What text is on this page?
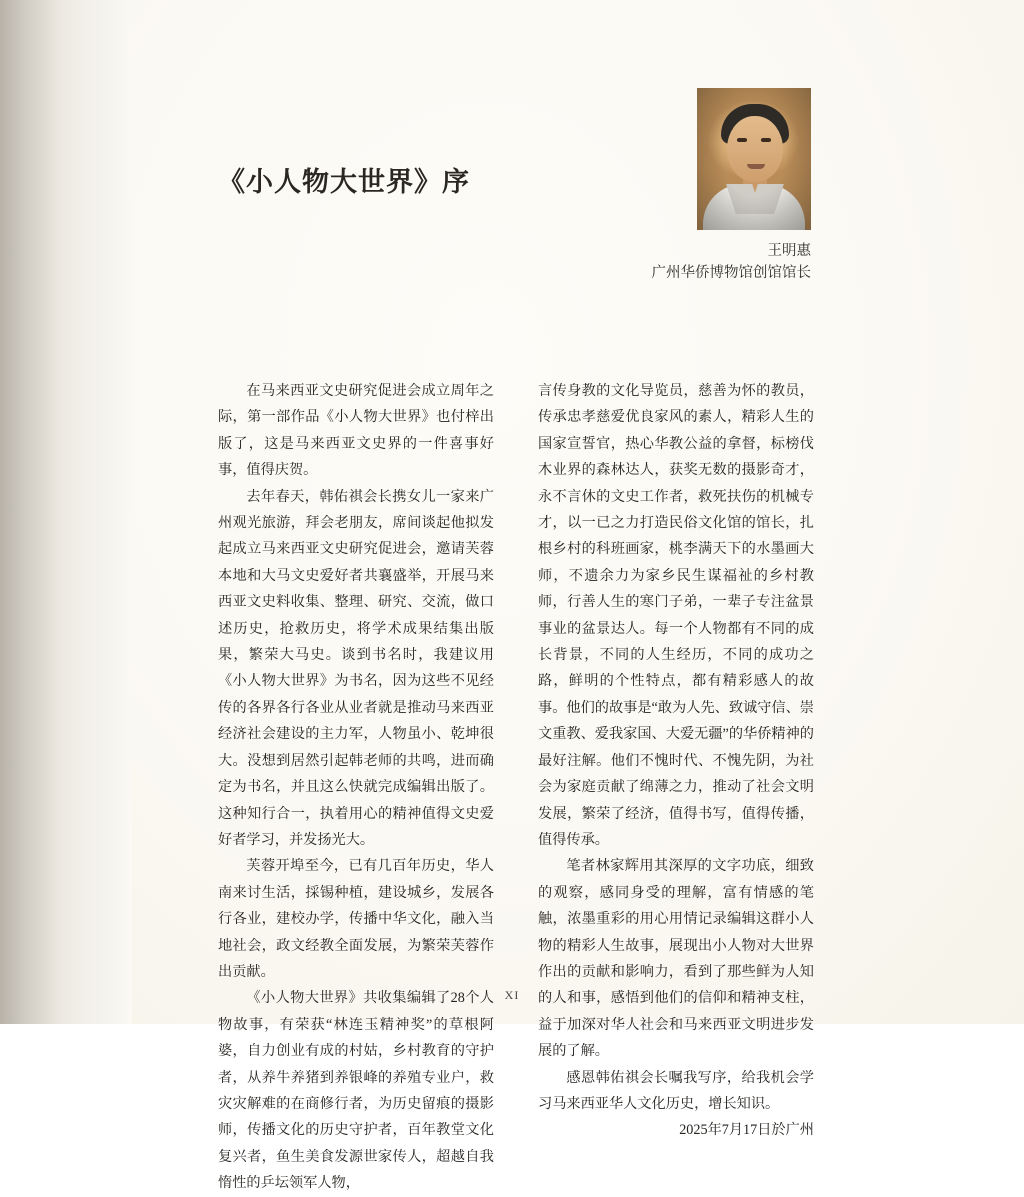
《小人物大世界》序
王明惠
广州华侨博物馆创馆馆长

在马来西亚文史研究促进会成立周年之际，第一部作品《小人物大世界》也付梓出版了，这是马来西亚文史界的一件喜事好事，值得庆贺。

去年春天，韩佑祺会长携女儿一家来广州观光旅游，拜会老朋友，席间谈起他拟发起成立马来西亚文史研究促进会，邀请芙蓉本地和大马文史爱好者共襄盛举，开展马来西亚文史料收集、整理、研究、交流，做口述历史，抢救历史，将学术成果结集出版果，繁荣大马史。谈到书名时，我建议用《小人物大世界》为书名，因为这些不见经传的各界各行各业从业者就是推动马来西亚经济社会建设的主力军，人物虽小、乾坤很大。没想到居然引起韩老师的共鸣，进而确定为书名，并且这么快就完成编辑出版了。这种知行合一，执着用心的精神值得文史爱好者学习，并发扬光大。

芙蓉开埠至今，已有几百年历史，华人南来讨生活，採锡种植，建设城乡，发展各行各业，建校办学，传播中华文化，融入当地社会，政文经教全面发展，为繁荣芙蓉作出贡献。

《小人物大世界》共收集编辑了28个人物故事，有荣获“林连玉精神奖”的草根阿婆，自力创业有成的村姑，乡村教育的守护者，从养牛养猪到养银峰的养殖专业户，救灾灾解难的在商修行者，为历史留痕的摄影师，传播文化的历史守护者，百年教堂文化复兴者，鱼生美食发源世家传人，超越自我惰性的乒坛领军人物，

言传身教的文化导览员，慈善为怀的教员，传承忠孝慈爱优良家风的素人，精彩人生的国家宣誓官，热心华教公益的拿督，标榜伐木业界的森林达人，获奖无数的摄影奇才，永不言休的文史工作者，救死扶伤的机械专才，以一已之力打造民俗文化馆的馆长，扎根乡村的科班画家，桃李满天下的水墨画大师，不遗余力为家乡民生谋福祉的乡村教师，行善人生的寒门子弟，一辈子专注盆景事业的盆景达人。每一个人物都有不同的成长背景，不同的人生经历，不同的成功之路，鲜明的个性特点，都有精彩感人的故事。他们的故事是“敢为人先、致诚守信、崇文重教、爱我家国、大爱无疆”的华侨精神的最好注解。他们不愧时代、不愧先阴，为社会为家庭贡献了绵薄之力，推动了社会文明发展，繁荣了经济，值得书写，值得传播，值得传承。

笔者林家辉用其深厚的文字功底，细致的观察，感同身受的理解，富有情感的笔触，浓墨重彩的用心用情记录编辑这群小人物的精彩人生故事，展现出小人物对大世界作出的贡献和影响力，看到了那些鲜为人知的人和事，感悟到他们的信仰和精神支柱，益于加深对华人社会和马来西亚文明进步发展的了解。

感恩韩佑祺会长嘱我写序，给我机会学习马来西亚华人文化历史，增长知识。

2025年7月17日於广州

XI
